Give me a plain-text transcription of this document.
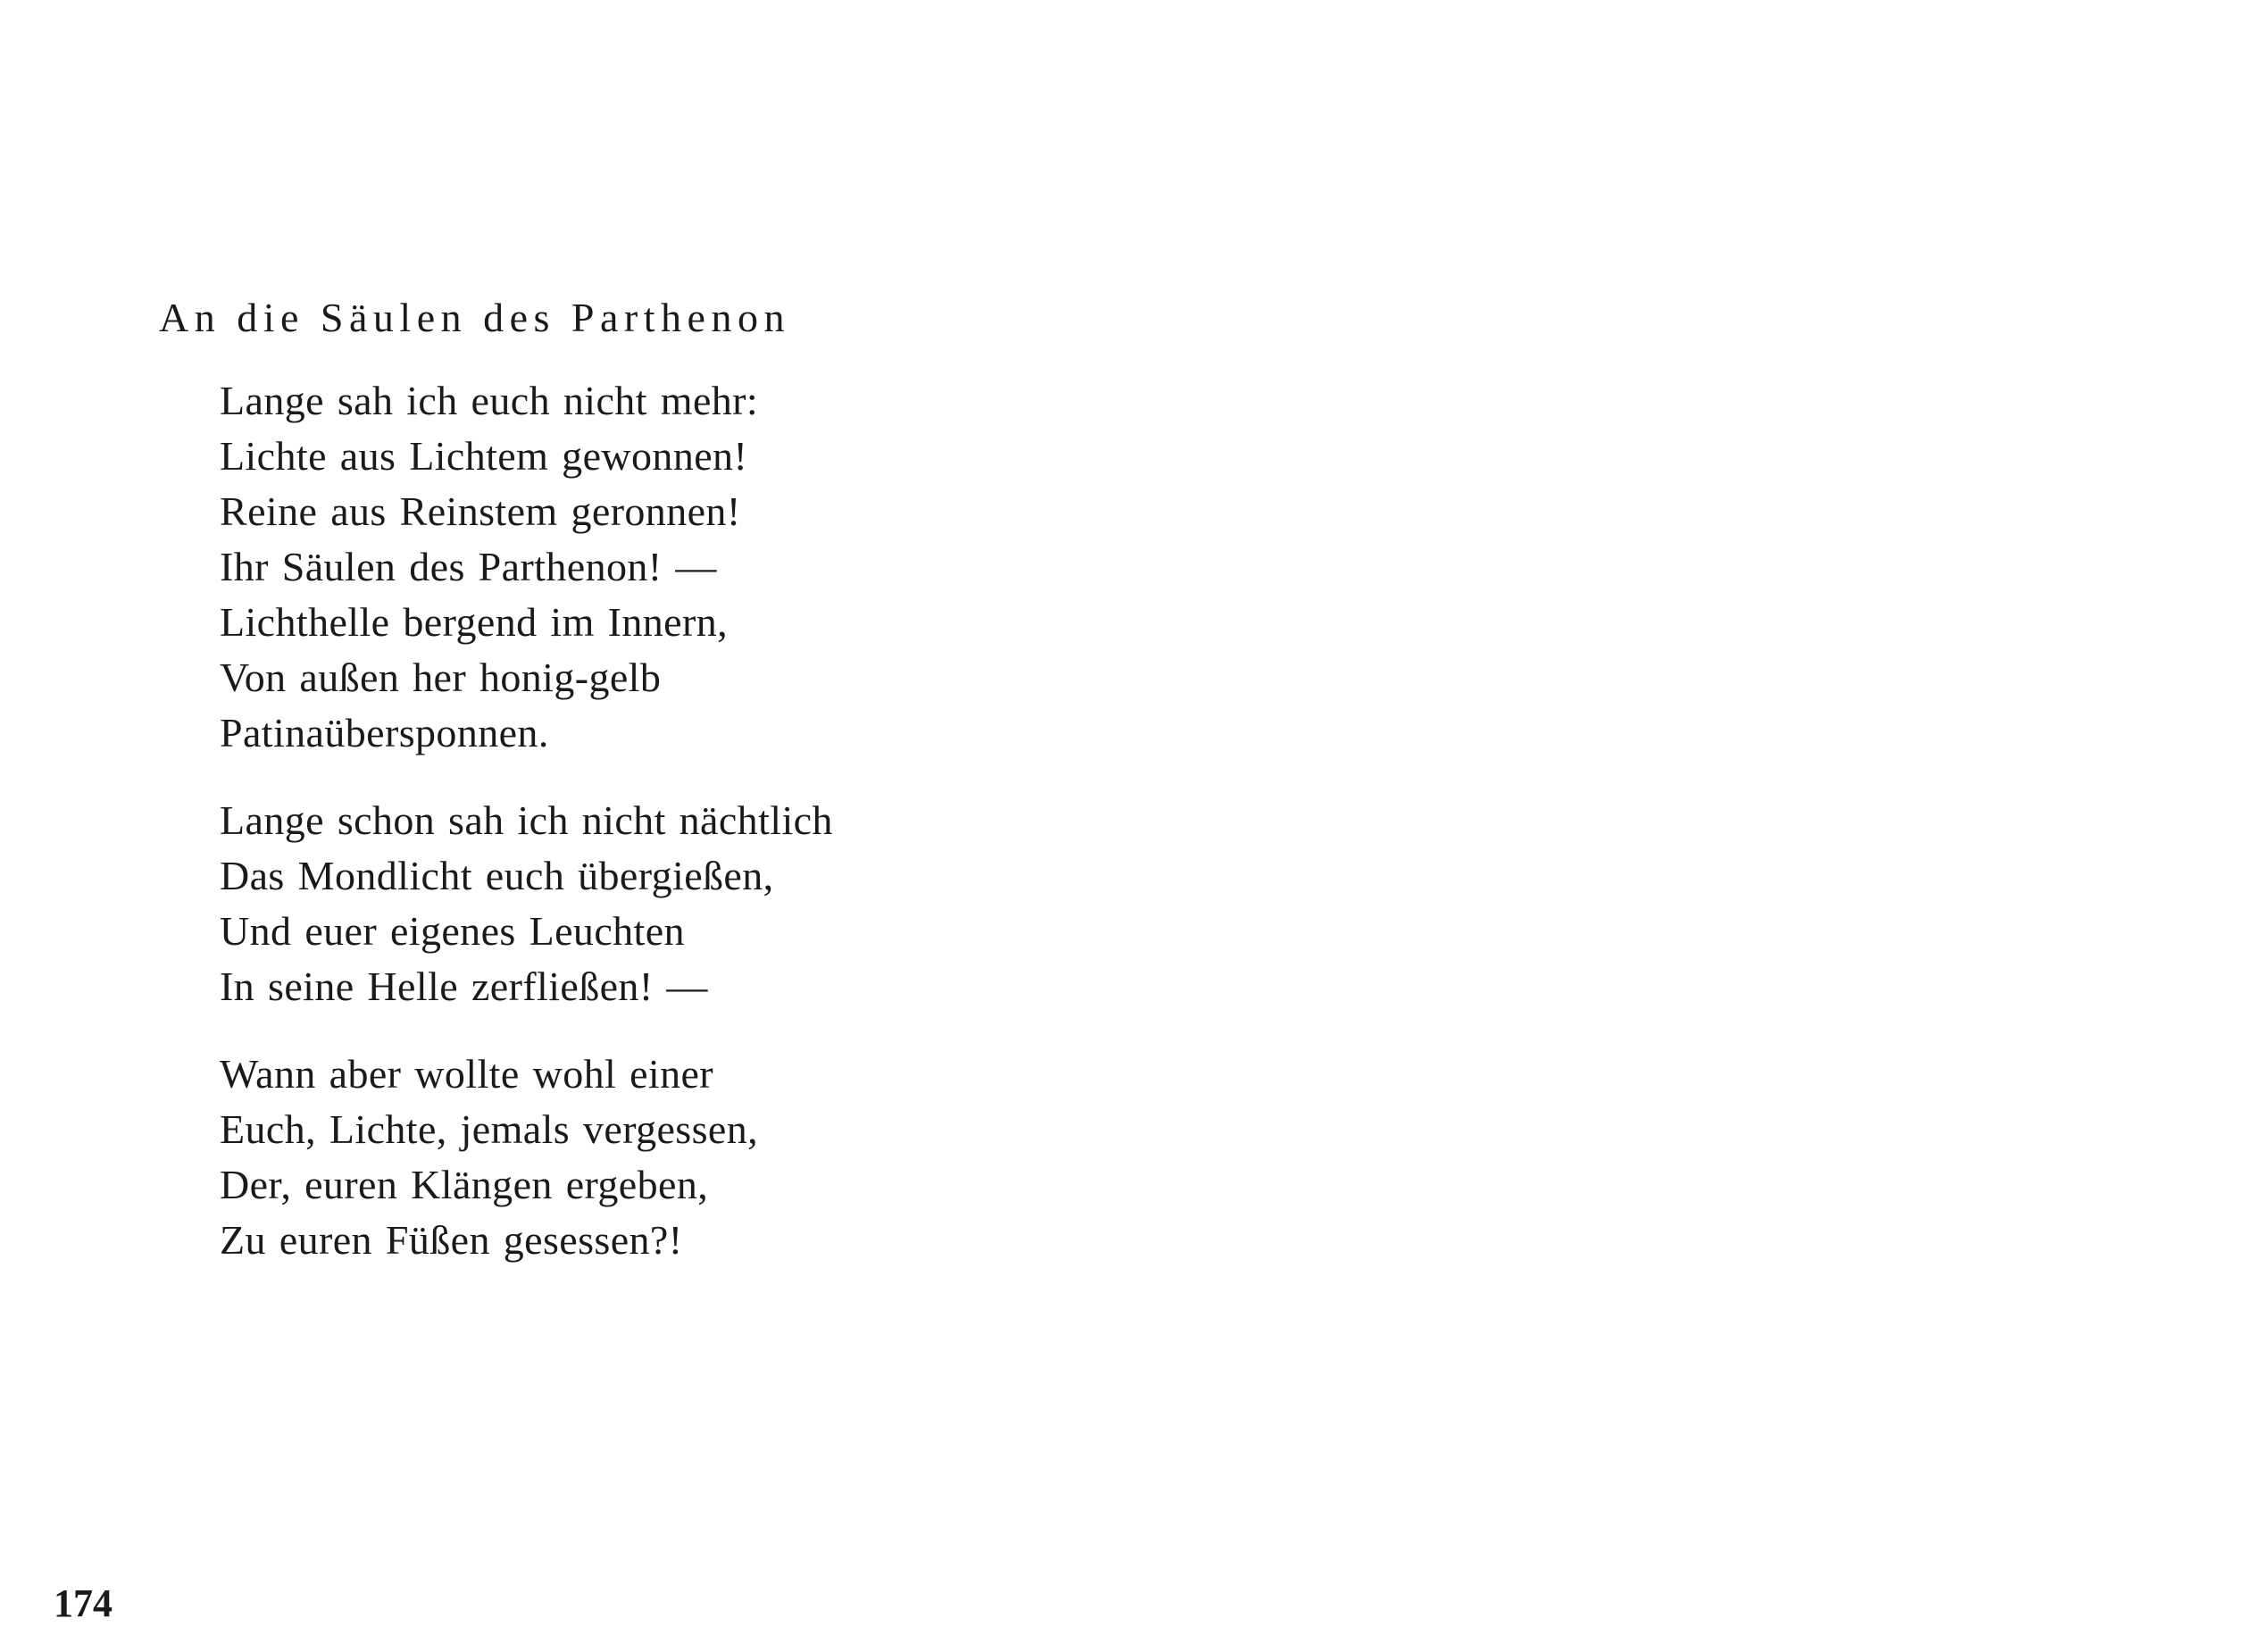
An die Säulen des Parthenon
Lange sah ich euch nicht mehr:
Lichte aus Lichtem gewonnen!
Reine aus Reinstem geronnen!
Ihr Säulen des Parthenon! —
Lichthelle bergend im Innern,
Von außen her honig-gelb
Patinaübersponnen.
Lange schon sah ich nicht nächtlich
Das Mondlicht euch übergießen,
Und euer eigenes Leuchten
In seine Helle zerfließen! —
Wann aber wollte wohl einer
Euch, Lichte, jemals vergessen,
Der, euren Klängen ergeben,
Zu euren Füßen gesessen?!
174
